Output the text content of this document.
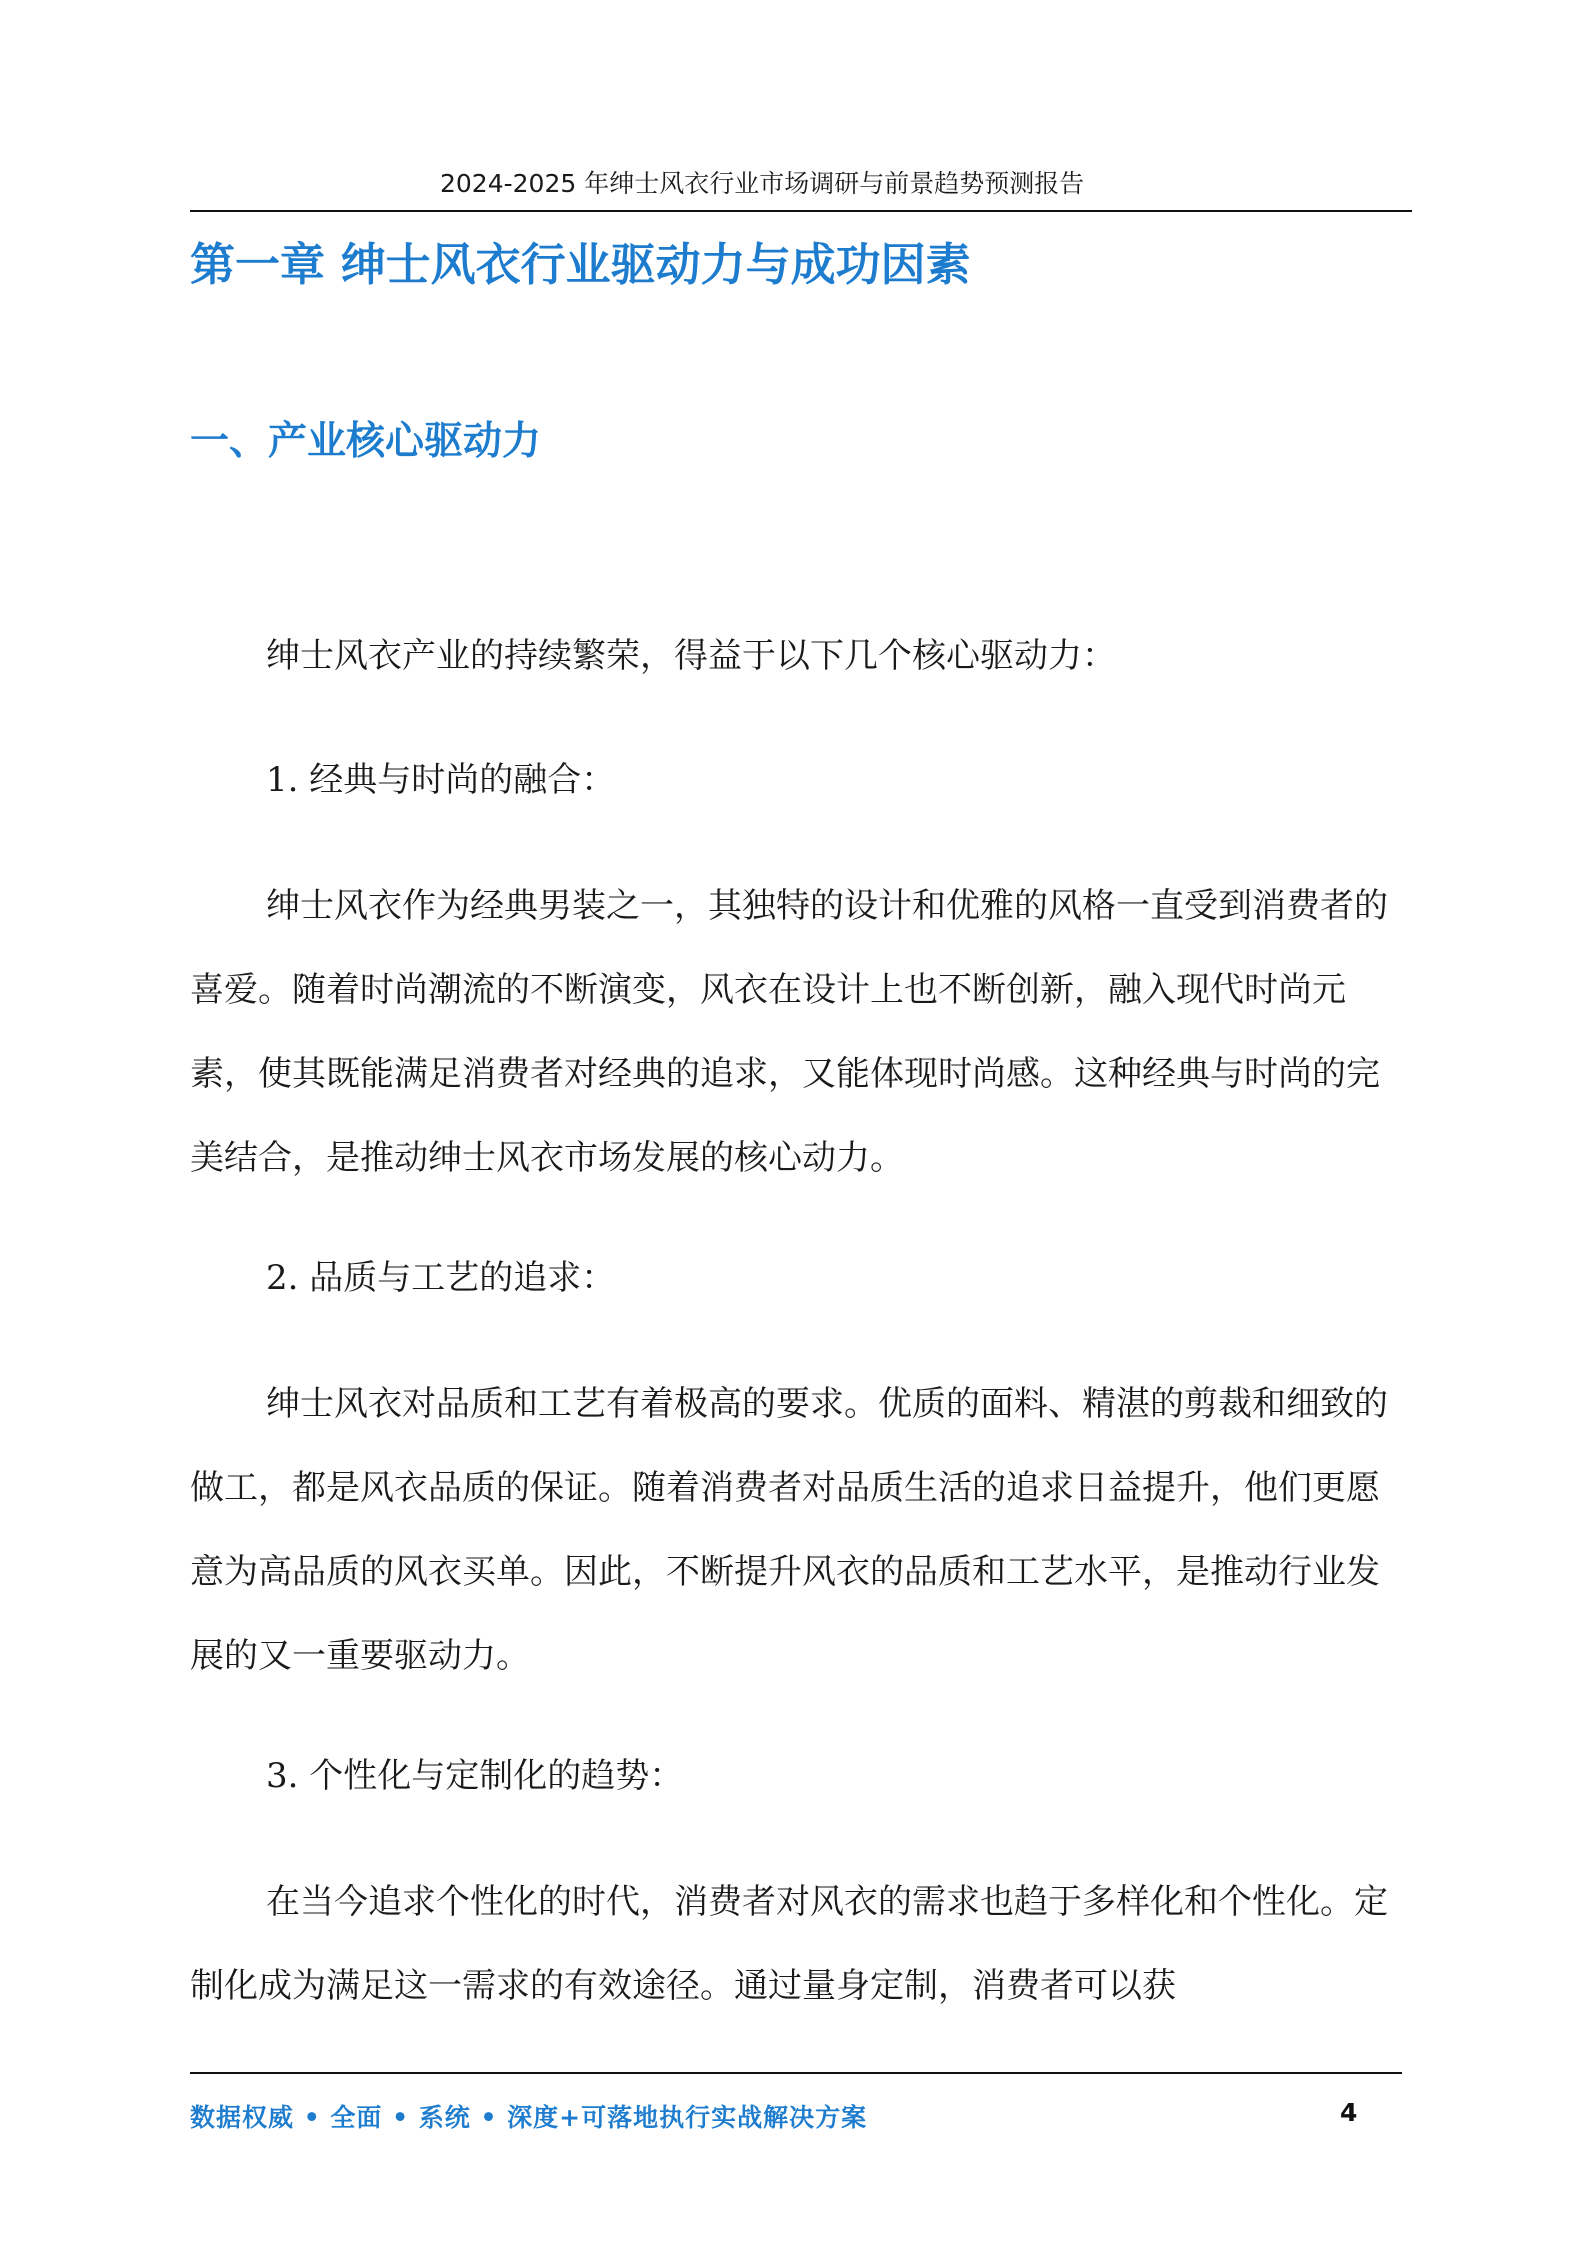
2024-2025 年绅士风衣行业市场调研与前景趋势预测报告
第一章 绅士风衣行业驱动力与成功因素
一、产业核心驱动力

绅士风衣产业的持续繁荣，得益于以下几个核心驱动力：

1. 经典与时尚的融合：

绅士风衣作为经典男装之一，其独特的设计和优雅的风格一直受到消费者的喜爱。随着时尚潮流的不断演变，风衣在设计上也不断创新，融入现代时尚元素，使其既能满足消费者对经典的追求，又能体现时尚感。这种经典与时尚的完美结合，是推动绅士风衣市场发展的核心动力。

2. 品质与工艺的追求：

绅士风衣对品质和工艺有着极高的要求。优质的面料、精湛的剪裁和细致的做工，都是风衣品质的保证。随着消费者对品质生活的追求日益提升，他们更愿意为高品质的风衣买单。因此，不断提升风衣的品质和工艺水平，是推动行业发展的又一重要驱动力。

3. 个性化与定制化的趋势：

在当今追求个性化的时代，消费者对风衣的需求也趋于多样化和个性化。定制化成为满足这一需求的有效途径。通过量身定制，消费者可以获

数据权威 • 全面 • 系统 • 深度+可落地执行实战解决方案	4
